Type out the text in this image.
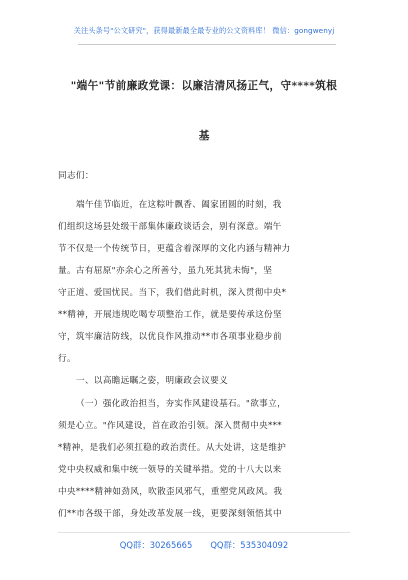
关注头条号"公文研究"，获得最新最全最专业的公文资料库！ 微信：gongwenyj
"端午"节前廉政党课：以廉洁清风扬正气，守****筑根
基
同志们：
端午佳节临近，在这粽叶飘香、阖家团圆的时刻，我
们组织这场县处级干部集体廉政谈话会，别有深意。端午
节不仅是一个传统节日，更蕴含着深厚的文化内涵与精神力
量。古有屈原"亦余心之所善兮，虽九死其犹未悔"，坚
守正道、爱国忧民。当下，我们借此时机，深入贯彻中央*
**精神，开展违规吃喝专项整治工作，就是要传承这份坚
守，筑牢廉洁防线，以优良作风推动**市各项事业稳步前
行。
一、以高瞻远瞩之姿，明廉政会议要义
（一）强化政治担当，夯实作风建设基石。"欲事立，
须是心立。"作风建设，首在政治引领。深入贯彻中央***
*精神，是我们必须扛稳的政治责任。从大处讲，这是维护
党中央权威和集中统一领导的关键举措。党的十八大以来
中央****精神如劲风，吹散歪风邪气，重塑党风政风。我
们**市各级干部，身处改革发展一线，更要深刻领悟其中
QQ群：30265665 QQ群：535304092
